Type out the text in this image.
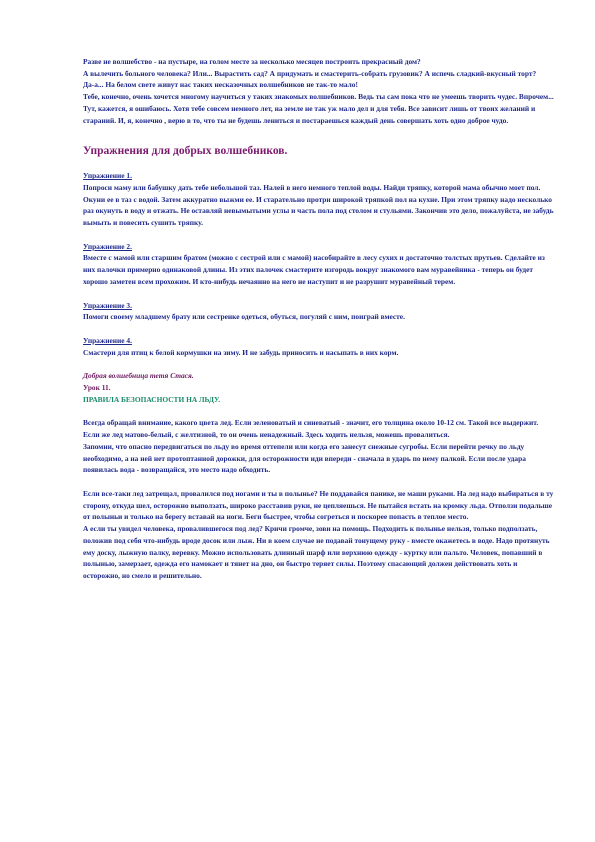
Разве не волшебство - на пустыре, на голом месте за несколько месяцев построить прекрасный дом?

А вылечить больного человека? Или... Вырастить сад? А придумать и смастерить-собрать грузовик? А испечь сладкий-вкусный торт?

Да-а... На белом свете живут нас таких несказочных волшебников не так-то мало!

Тебе, конечно, очень хочется многому научиться у таких знакомых волшебников. Ведь ты сам пока что не умеешь творить чудес. Впрочем... Тут, кажется, я ошибаюсь. Хотя тебе совсем немного лет, на земле не так уж мало дел и для тебя. Все зависит лишь от твоих желаний и стараний. И, я, конечно , верю в то, что ты не будешь лениться и постараешься каждый день совершать хоть одно доброе чудо.

Упражнения для добрых волшебников.

Упражнение 1.

Попроси маму или бабушку дать тебе небольшой таз. Налей в него немного теплой воды. Найди тряпку, которой мама обычно моет пол. Окуни ее в таз с водой. Затем аккуратно выжми ее. И старательно протри широкой тряпкой пол на кухне. При этом тряпку надо несколько раз окунуть в воду и отжать. Не оставляй невымытыми углы и часть пола под столом и стульями. Закончив это дело, пожалуйста, не забудь вымыть и повесить сушить тряпку.

Упражнение 2.

Вместе с мамой или старшим братом (можно с сестрой или с мамой) насобирайте в лесу сухих и достаточно толстых прутьев. Сделайте из них палочки примерно одинаковой длины. Из этих палочек смастерите изгородь вокруг знакомого вам муравейника - теперь он будет хорошо заметен всем прохожим. И кто-нибудь нечаянно на него не наступит и не разрушит муравейный терем.

Упражнение 3.

Помоги своему младшему брату или сестренке одеться, обуться, погуляй с ним, поиграй вместе.

Упражнение 4.

Смастери для птиц к белой кормушки на зиму. И не забудь приносить и насыпать в них корм.

Добрая волшебница тетя Стася.

Урок 11.

ПРАВИЛА БЕЗОПАСНОСТИ НА ЛЬДУ.

Всегда обращай внимание, какого цвета лед. Если зеленоватый и синеватый - значит, его толщина около 10-12 см. Такой все выдержит. Если же лед матово-белый, с желтизной, то он очень ненадежный. Здесь ходить нельзя, можешь провалиться.

Запомни, что опасно передвигаться по льду во время оттепели или когда его занесут снежные сугробы. Если перейти речку по льду необходимо, а на ней нет протоптанной дорожки, для осторожности иди впереди - сначала в ударь по нему палкой. Если после удара появилась вода - возвращайся, это место надо обходить.

Если все-таки лед затрещал, провалился под ногами и ты в полынье? Не поддавайся панике, не маши руками. На лед надо выбираться в ту сторону, откуда шел, осторожно выползать, широко расставив руки, не цепляешься. Не пытайся встать на кромку льда. Отползи подальше от полыньи и только на берегу вставай на ноги. Беги быстрее, чтобы согреться и поскорее попасть в теплое место.

А если ты увидел человека, провалившегося под лед? Кричи громче, зови на помощь. Подходить к полынье нельзя, только подползать, положив под себя что-нибудь вроде досок или лыж. Ни в коем случае не подавай тонущему руку - вместе окажетесь в воде. Надо протянуть ему доску, лыжную палку, веревку. Можно использовать длинный шарф или верхнюю одежду - куртку или пальто. Человек, попавший в полынью, замерзает, одежда его намокает и тянет на дно, он быстро теряет силы. Поэтому спасающий должен действовать хоть и осторожно, но смело и решительно.
